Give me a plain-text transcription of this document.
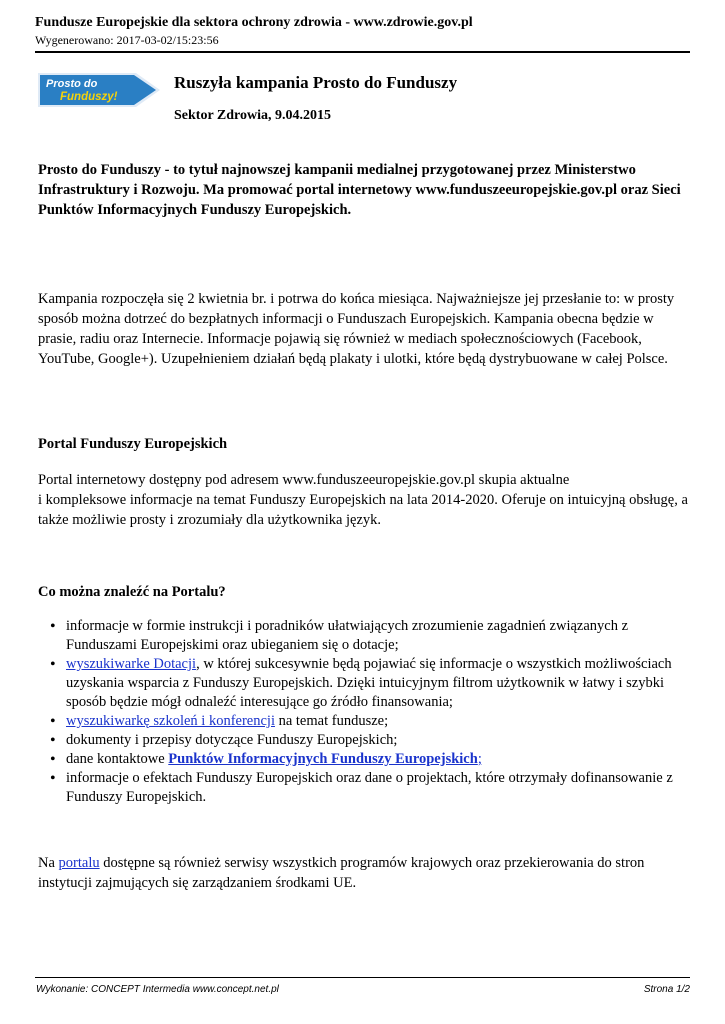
Fundusze Europejskie dla sektora ochrony zdrowia - www.zdrowie.gov.pl
Wygenerowano: 2017-03-02/15:23:56
Prosto do
Funduszy!
Ruszyła kampania Prosto do Funduszy
Sektor Zdrowia, 9.04.2015
Prosto do Funduszy - to tytuł najnowszej kampanii medialnej przygotowanej przez Ministerstwo Infrastruktury i Rozwoju. Ma promować portal internetowy www.funduszeeuropejskie.gov.pl oraz Sieci Punktów Informacyjnych Funduszy Europejskich.
Kampania rozpoczęła się 2 kwietnia br. i potrwa do końca miesiąca. Najważniejsze jej przesłanie to: w prosty sposób można dotrzeć do bezpłatnych informacji o Funduszach Europejskich. Kampania obecna będzie w prasie, radiu oraz Internecie. Informacje pojawią się również w mediach społecznościowych (Facebook, YouTube, Google+). Uzupełnieniem działań będą plakaty i ulotki, które będą dystrybuowane w całej Polsce.
Portal Funduszy Europejskich
Portal internetowy dostępny pod adresem www.funduszeeuropejskie.gov.pl skupia aktualne
i kompleksowe informacje na temat Funduszy Europejskich na lata 2014-2020. Oferuje on intuicyjną obsługę, a także możliwie prosty i zrozumiały dla użytkownika język.
Co można znaleźć na Portalu?
• informacje w formie instrukcji i poradników ułatwiających zrozumienie zagadnień związanych z Funduszami Europejskimi oraz ubieganiem się o dotacje;
• wyszukiwarke Dotacji, w której sukcesywnie będą pojawiać się informacje o wszystkich możliwościach uzyskania wsparcia z Funduszy Europejskich. Dzięki intuicyjnym filtrom użytkownik w łatwy i szybki sposób będzie mógł odnaleźć interesujące go źródło finansowania;
• wyszukiwarkę szkoleń i konferencji na temat fundusze;
• dokumenty i przepisy dotyczące Funduszy Europejskich;
• dane kontaktowe Punktów Informacyjnych Funduszy Europejskich;
• informacje o efektach Funduszy Europejskich oraz dane o projektach, które otrzymały dofinansowanie z Funduszy Europejskich.
Na portalu dostępne są również serwisy wszystkich programów krajowych oraz przekierowania do stron instytucji zajmujących się zarządzaniem środkami UE.
Wykonanie: CONCEPT Intermedia www.concept.net.pl	Strona 1/2
